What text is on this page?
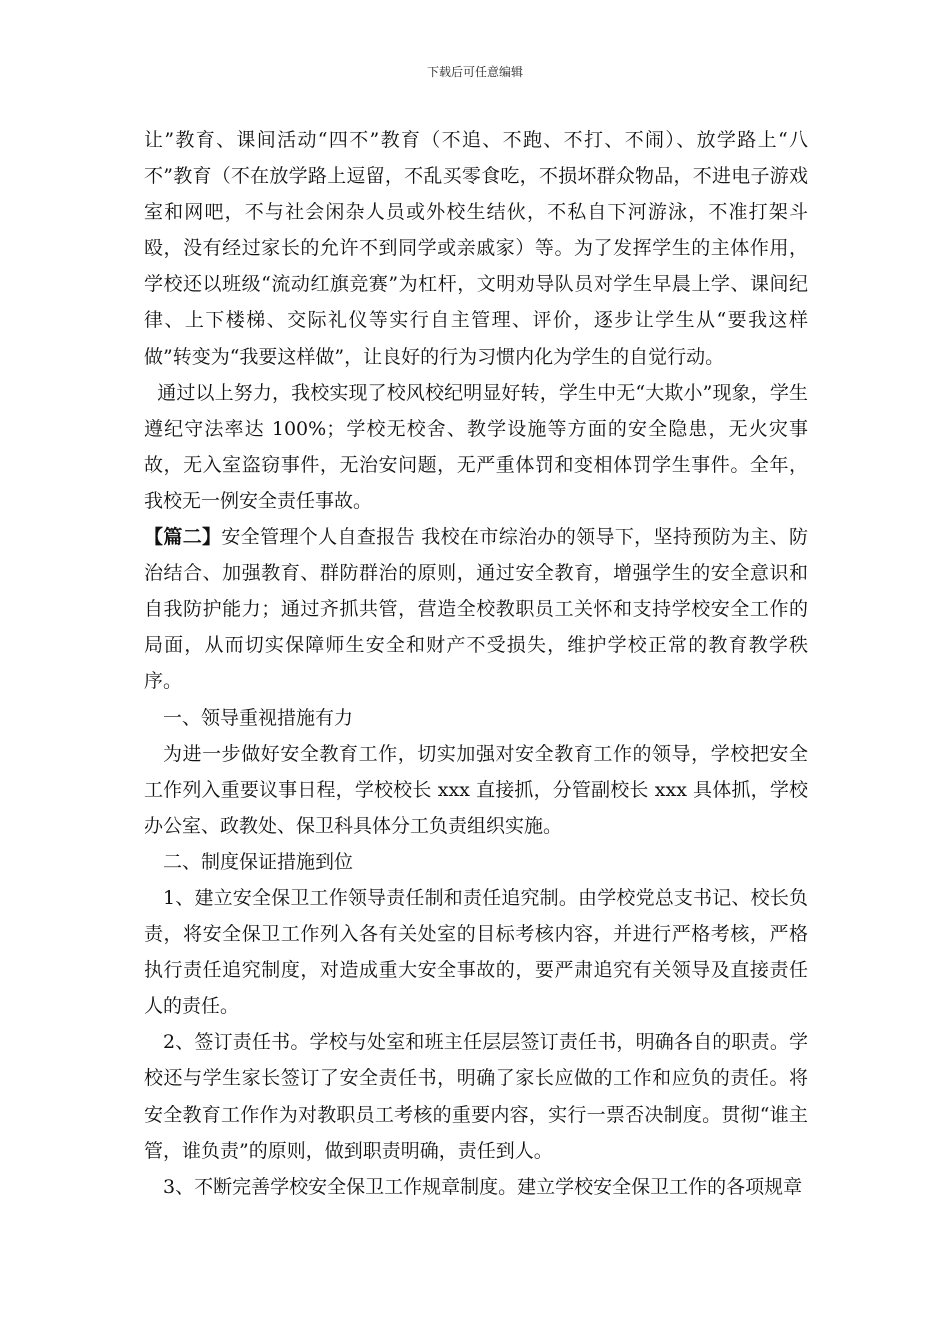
下载后可任意编辑

让”教育、课间活动“四不”教育（不追、不跑、不打、不闹）、放学路上“八不”教育（不在放学路上逗留，不乱买零食吃，不损坏群众物品，不进电子游戏室和网吧，不与社会闲杂人员或外校生结伙，不私自下河游泳，不准打架斗殴，没有经过家长的允许不到同学或亲戚家）等。为了发挥学生的主体作用，学校还以班级“流动红旗竞赛”为杠杆，文明劝导队员对学生早晨上学、课间纪律、上下楼梯、交际礼仪等实行自主管理、评价，逐步让学生从“要我这样做”转变为“我要这样做”，让良好的行为习惯内化为学生的自觉行动。

通过以上努力，我校实现了校风校纪明显好转，学生中无“大欺小”现象，学生遵纪守法率达 100%；学校无校舍、教学设施等方面的安全隐患，无火灾事故，无入室盗窃事件，无治安问题，无严重体罚和变相体罚学生事件。全年，我校无一例安全责任事故。

【篇二】安全管理个人自查报告 我校在市综治办的领导下，坚持预防为主、防治结合、加强教育、群防群治的原则，通过安全教育，增强学生的安全意识和自我防护能力；通过齐抓共管，营造全校教职员工关怀和支持学校安全工作的局面，从而切实保障师生安全和财产不受损失，维护学校正常的教育教学秩序。

一、领导重视措施有力

为进一步做好安全教育工作，切实加强对安全教育工作的领导，学校把安全工作列入重要议事日程，学校校长 xxx 直接抓，分管副校长 xxx 具体抓，学校办公室、政教处、保卫科具体分工负责组织实施。

二、制度保证措施到位

1、建立安全保卫工作领导责任制和责任追究制。由学校党总支书记、校长负责，将安全保卫工作列入各有关处室的目标考核内容，并进行严格考核，严格执行责任追究制度，对造成重大安全事故的，要严肃追究有关领导及直接责任人的责任。

2、签订责任书。学校与处室和班主任层层签订责任书，明确各自的职责。学校还与学生家长签订了安全责任书，明确了家长应做的工作和应负的责任。将安全教育工作作为对教职员工考核的重要内容，实行一票否决制度。贯彻“谁主管，谁负责”的原则，做到职责明确，责任到人。

3、不断完善学校安全保卫工作规章制度。建立学校安全保卫工作的各项规章
